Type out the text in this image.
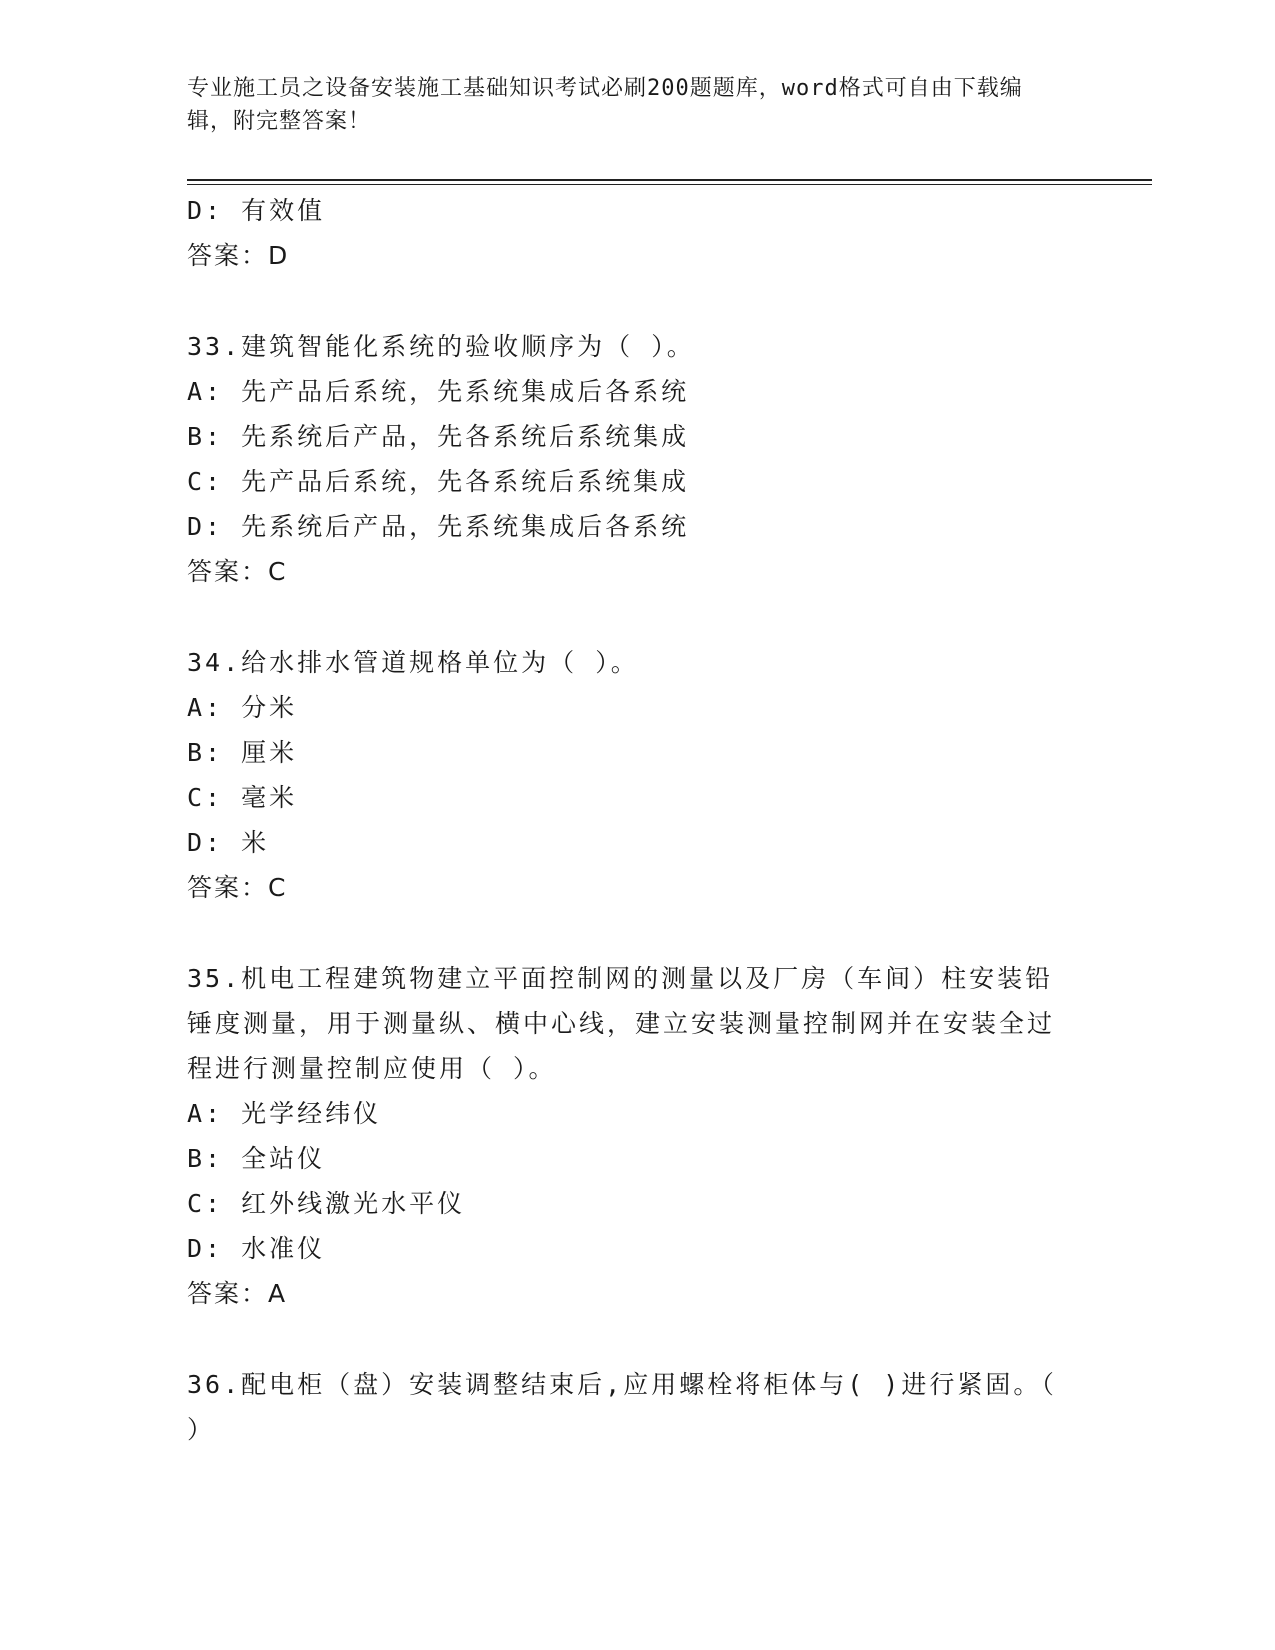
专业施工员之设备安装施工基础知识考试必刷200题题库，word格式可自由下载编辑，附完整答案！
D: 有效值
答案：D
33.建筑智能化系统的验收顺序为（ ）。
A: 先产品后系统，先系统集成后各系统
B: 先系统后产品，先各系统后系统集成
C: 先产品后系统，先各系统后系统集成
D: 先系统后产品，先系统集成后各系统
答案：C
34.给水排水管道规格单位为（ ）。
A: 分米
B: 厘米
C: 毫米
D: 米
答案：C
35.机电工程建筑物建立平面控制网的测量以及厂房（车间）柱安装铅锤度测量，用于测量纵、横中心线，建立安装测量控制网并在安装全过程进行测量控制应使用（ ）。
A: 光学经纬仪
B: 全站仪
C: 红外线激光水平仪
D: 水准仪
答案：A
36.配电柜（盘）安装调整结束后,应用螺栓将柜体与( )进行紧固。（ ）
